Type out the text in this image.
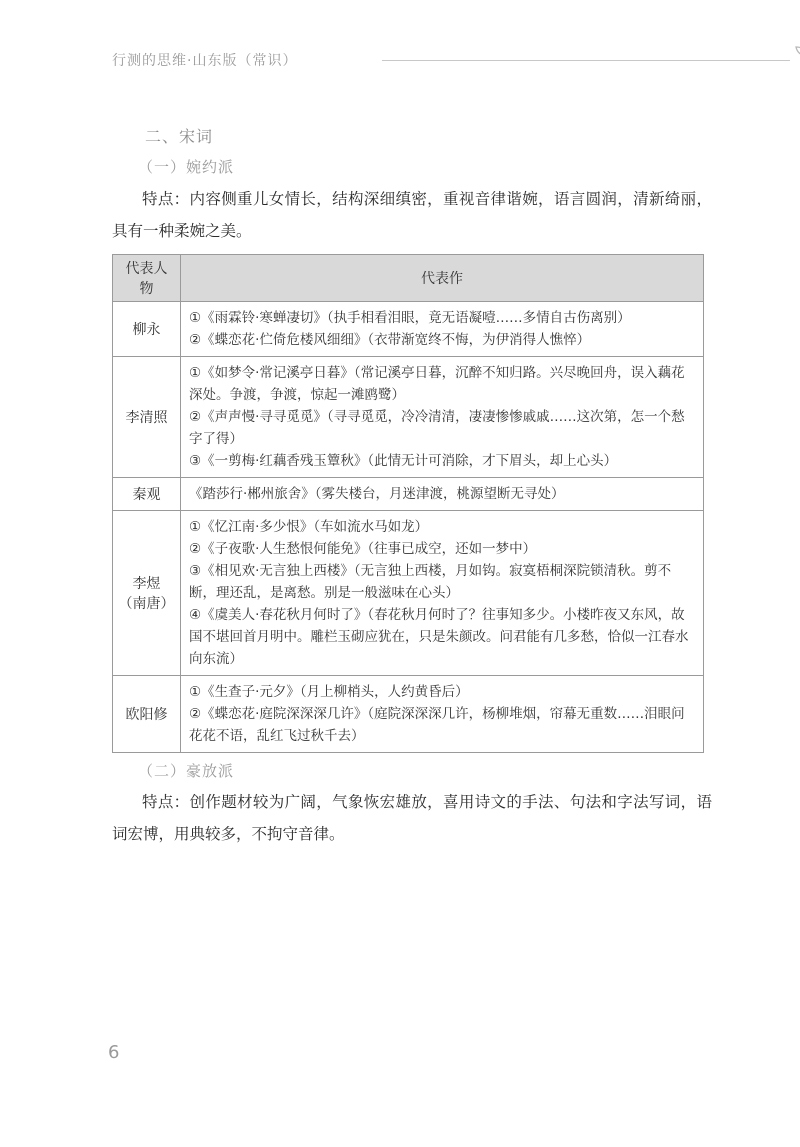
行测的思维·山东版（常识）
二、宋词
（一）婉约派
特点：内容侧重儿女情长，结构深细缜密，重视音律谐婉，语言圆润，清新绮丽，具有一种柔婉之美。
代表人物	代表作
柳永	①《雨霖铃·寒蝉凄切》（执手相看泪眼，竟无语凝噎……多情自古伤离别）
②《蝶恋花·伫倚危楼风细细》（衣带渐宽终不悔，为伊消得人憔悴）

李清照	①《如梦令·常记溪亭日暮》（常记溪亭日暮，沉醉不知归路。兴尽晚回舟，误入藕花深处。争渡，争渡，惊起一滩鸥鹭）
②《声声慢·寻寻觅觅》（寻寻觅觅，冷冷清清，凄凄惨惨戚戚……这次第，怎一个愁字了得）
③《一剪梅·红藕香残玉簟秋》（此情无计可消除，才下眉头，却上心头）

秦观	《踏莎行·郴州旅舍》（雾失楼台，月迷津渡，桃源望断无寻处）

李煜
（南唐）	①《忆江南·多少恨》（车如流水马如龙）
②《子夜歌·人生愁恨何能免》（往事已成空，还如一梦中）
③《相见欢·无言独上西楼》（无言独上西楼，月如钩。寂寞梧桐深院锁清秋。剪不断，理还乱，是离愁。别是一般滋味在心头）
④《虞美人·春花秋月何时了》（春花秋月何时了？往事知多少。小楼昨夜又东风，故国不堪回首月明中。雕栏玉砌应犹在，只是朱颜改。问君能有几多愁，恰似一江春水向东流）

欧阳修	①《生查子·元夕》（月上柳梢头，人约黄昏后）
②《蝶恋花·庭院深深深几许》（庭院深深深几许，杨柳堆烟，帘幕无重数……泪眼问花花不语，乱红飞过秋千去）
（二）豪放派
特点：创作题材较为广阔，气象恢宏雄放，喜用诗文的手法、句法和字法写词，语词宏博，用典较多，不拘守音律。
6
